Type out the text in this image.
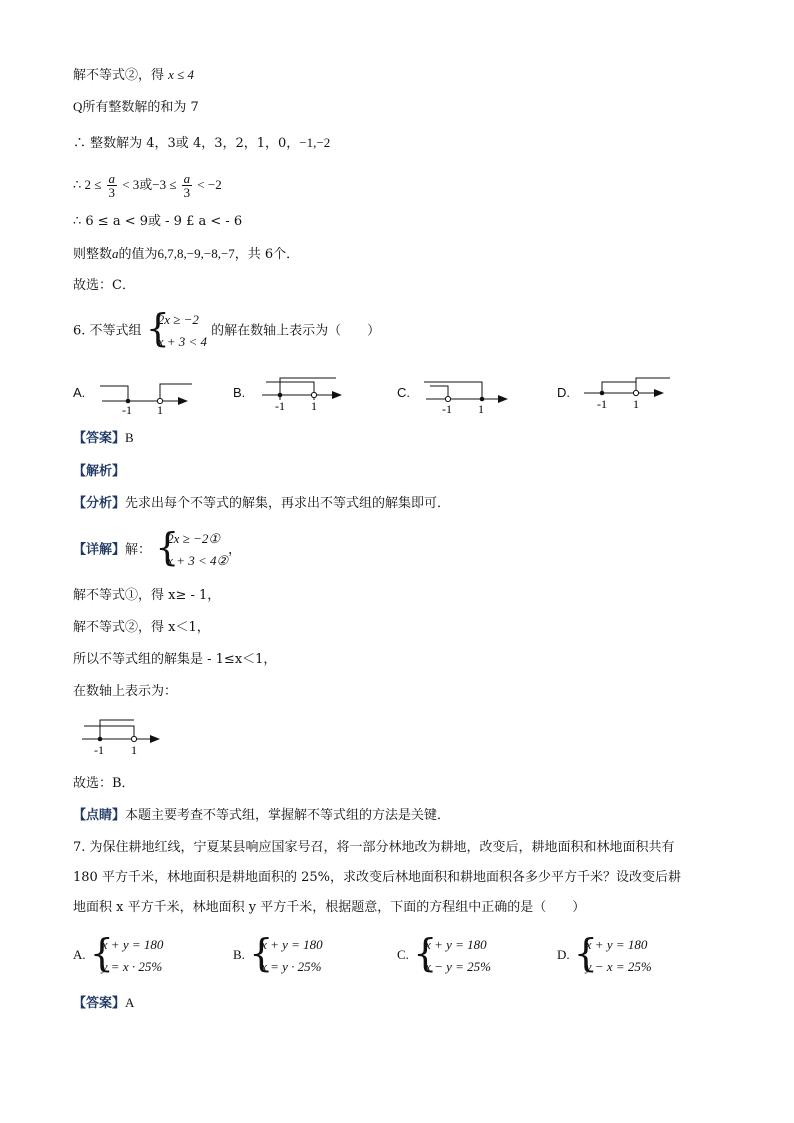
解不等式②，得 x ≤ 4
Q所有整数解的和为 7
∴ 整数解为 4，3或 4，3，2，1，0，−1,−2
∴ $2 \le \frac{a}{3} < 3$或$-3 \le \frac{a}{3} < -2$
∴ 6 ≤ a < 9或 - 9 £ a < - 6
则整数a的值为6,7,8,−9,−8,−7，共 6个．
故选：C．
6. 不等式组 {
2x ≥ −2
x + 3 < 4
的解在数轴上表示为（　　）
A.
-1 1
B.
-1 1
C.
-1 1
D.
-1 1
【答案】B
【解析】
【分析】先求出每个不等式的解集，再求出不等式组的解集即可．
【详解】解： {
2x ≥ −2①
x + 3 < 4②
，
解不等式①，得 x≥ - 1，
解不等式②，得 x＜1，
所以不等式组的解集是 - 1≤x＜1，
在数轴上表示为：
-1 1
故选：B．
【点睛】本题主要考查不等式组，掌握解不等式组的方法是关键．
7. 为保住耕地红线，宁夏某县响应国家号召，将一部分林地改为耕地，改变后，耕地面积和林地面积共有
180 平方千米，林地面积是耕地面积的 25%，求改变后林地面积和耕地面积各多少平方千米？设改变后耕
地面积 x 平方千米，林地面积 y 平方千米，根据题意，下面的方程组中正确的是（　　）
A. {
x + y = 180
y = x · 25%
B. {
x + y = 180
x = y · 25%
C. {
x + y = 180
x − y = 25%
D. {
x + y = 180
y − x = 25%
【答案】A
